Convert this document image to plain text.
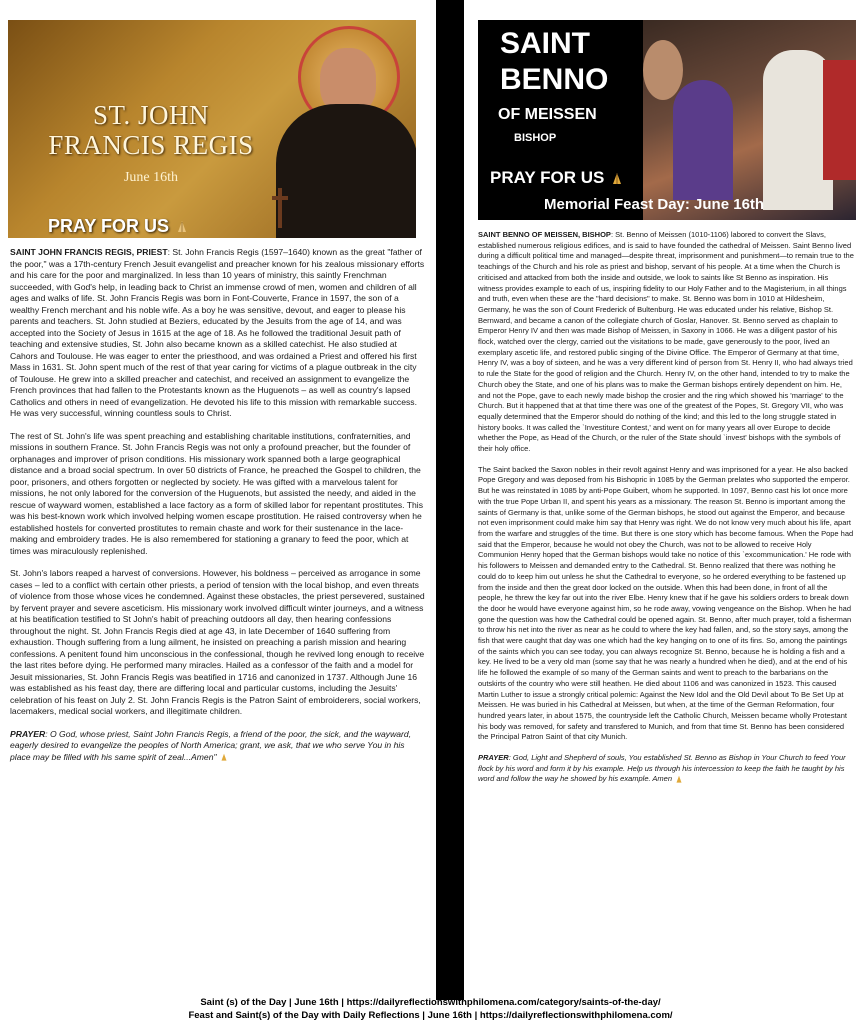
ST. JOHN
FRANCIS REGIS
June 16th
PRAY FOR US

SAINT JOHN FRANCIS REGIS, PRIEST: St. John Francis Regis (1597–1640) known as the great "father of the poor," was a 17th-century French Jesuit evangelist and preacher known for his zealous missionary efforts and his care for the poor and marginalized. In less than 10 years of ministry, this saintly Frenchman succeeded, with God's help, in leading back to Christ an immense crowd of men, women and children of all ages and walks of life. St. John Francis Regis was born in Font-Couverte, France in 1597, the son of a wealthy French merchant and his noble wife. As a boy he was sensitive, devout, and eager to please his parents and teachers. St. John studied at Beziers, educated by the Jesuits from the age of 14, and was accepted into the Society of Jesus in 1615 at the age of 18. As he followed the traditional Jesuit path of teaching and extensive studies, St. John also became known as a skilled catechist. He also studied at Cahors and Toulouse. He was eager to enter the priesthood, and was ordained a Priest and offered his first Mass in 1631. St. John spent much of the rest of that year caring for victims of a plague outbreak in the city of Toulouse. He grew into a skilled preacher and catechist, and received an assignment to evangelize the French provinces that had fallen to the Protestants known as the Huguenots – as well as country's lapsed Catholics and others in need of evangelization. He devoted his life to this mission with remarkable success. He was very successful, winning countless souls to Christ.

The rest of St. John's life was spent preaching and establishing charitable institutions, confraternities, and missions in southern France. St. John Francis Regis was not only a profound preacher, but the founder of orphanages and improver of prison conditions. His missionary work spanned both a large geographical distance and a broad social spectrum. In over 50 districts of France, he preached the Gospel to children, the poor, prisoners, and others forgotten or neglected by society. He was gifted with a marvelous talent for missions, he not only labored for the conversion of the Huguenots, but assisted the needy, and aided in the rescue of wayward women, established a lace factory as a form of skilled labor for repentant prostitutes. This was his best-known work which involved helping women escape prostitution. He raised controversy when he established hostels for converted prostitutes to remain chaste and work for their sustenance in the lace-making and embroidery trades. He is also remembered for stationing a granary to feed the poor, which at times was miraculously replenished.

St. John's labors reaped a harvest of conversions. However, his boldness – perceived as arrogance in some cases – led to a conflict with certain other priests, a period of tension with the local bishop, and even threats of violence from those whose vices he condemned. Against these obstacles, the priest persevered, sustained by fervent prayer and severe asceticism. His missionary work involved difficult winter journeys, and a witness at his beatification testified to St John's habit of preaching outdoors all day, then hearing confessions throughout the night. St. John Francis Regis died at age 43, in late December of 1640 suffering from exhaustion. Though suffering from a lung ailment, he insisted on preaching a parish mission and hearing confessions. A penitent found him unconscious in the confessional, though he revived long enough to receive the last rites before dying. He performed many miracles. Hailed as a confessor of the faith and a model for Jesuit missionaries, St. John Francis Regis was beatified in 1716 and canonized in 1737. Although June 16 was established as his feast day, there are differing local and particular customs, including the Jesuits' celebration of his feast on July 2. St. John Francis Regis is the Patron Saint of embroiderers, social workers, lacemakers, medical social workers, and illegitimate children.

PRAYER: O God, whose priest, Saint John Francis Regis, a friend of the poor, the sick, and the wayward, eagerly desired to evangelize the peoples of North America; grant, we ask, that we who serve You in his place may be filled with his same spirit of zeal...Amen"

SAINT
BENNO
OF MEISSEN
BISHOP
PRAY FOR US
Memorial Feast Day: June 16th

SAINT BENNO OF MEISSEN, BISHOP: St. Benno of Meissen (1010-1106) labored to convert the Slavs, established numerous religious edifices, and is said to have founded the cathedral of Meissen. Saint Benno lived during a difficult political time and managed—despite threat, imprisonment and punishment—to remain true to the teachings of the Church and his role as priest and bishop, servant of his people. At a time when the Church is criticised and attacked from both the inside and outside, we look to saints like St Benno as inspiration. His witness provides example to each of us, inspiring fidelity to our Holy Father and to the Magisterium, in all things and truth, even when these are the "hard decisions" to make. St. Benno was born in 1010 at Hildesheim, Germany, he was the son of Count Frederick of Bultenburg. He was educated under his relative, Bishop St. Bernward, and became a canon of the collegiate church of Goslar, Hanover. St. Benno served as chaplain to Emperor Henry IV and then was made Bishop of Meissen, in Saxony in 1066. He was a diligent pastor of his flock, watched over the clergy, carried out the visitations to be made, gave generously to the poor, lived an exemplary ascetic life, and restored public singing of the Divine Office. The Emperor of Germany at that time, Henry IV, was a boy of sixteen, and he was a very different kind of person from St. Henry II, who had always tried to rule the State for the good of religion and the Church. Henry IV, on the other hand, intended to try to make the Church obey the State, and one of his plans was to make the German bishops entirely dependent on him. He, and not the Pope, gave to each newly made bishop the crosier and the ring which showed his 'marriage' to the Church. But it happened that at that time there was one of the greatest of the Popes, St. Gregory VII, who was equally determined that the Emperor should do nothing of the kind; and this led to the long struggle stated in history books. It was called the `Investiture Contest,' and went on for many years all over Europe to decide whether the Pope, as Head of the Church, or the ruler of the State should `invest' bishops with the symbols of their holy office.

The Saint backed the Saxon nobles in their revolt against Henry and was imprisoned for a year. He also backed Pope Gregory and was deposed from his Bishopric in 1085 by the German prelates who supported the emperor. But he was reinstated in 1085 by anti-Pope Guibert, whom he supported. In 1097, Benno cast his lot once more with the true Pope Urban II, and spent his years as a missionary. The reason St. Benno is important among the saints of Germany is that, unlike some of the German bishops, he stood out against the Emperor, and because not even imprisonment could make him say that Henry was right. We do not know very much about his life, apart from the warfare and struggles of the time. But there is one story which has become famous. When the Pope had said that the Emperor, because he would not obey the Church, was not to be allowed to receive Holy Communion Henry hoped that the German bishops would take no notice of this `excommunication.' He rode with his followers to Meissen and demanded entry to the Cathedral. St. Benno realized that there was nothing he could do to keep him out unless he shut the Cathedral to everyone, so he ordered everything to be fastened up from the inside and then the great door locked on the outside. When this had been done, in front of all the people, he threw the key far out into the river Elbe. Henry knew that if he gave his soldiers orders to break down the door he would have everyone against him, so he rode away, vowing vengeance on the Bishop. When he had gone the question was how the Cathedral could be opened again. St. Benno, after much prayer, told a fisherman to throw his net into the river as near as he could to where the key had fallen, and, so the story says, among the fish that were caught that day was one which had the key hanging on to one of its fins. So, among the paintings of the saints which you can see today, you can always recognize St. Benno, because he is holding a fish and a key. He lived to be a very old man (some say that he was nearly a hundred when he died), and at the end of his life he followed the example of so many of the German saints and went to preach to the barbarians on the outskirts of the country who were still heathen. He died about 1106 and was canonized in 1523. This caused Martin Luther to issue a strongly critical polemic: Against the New Idol and the Old Devil about To Be Set Up at Meissen. He was buried in his Cathedral at Meissen, but when, at the time of the German Reformation, four hundred years later, in about 1575, the countryside left the Catholic Church, Meissen became wholly Protestant his body was removed, for safety and transfered to Munich, and from that time St. Benno has been considered the Principal Patron Saint of that city Munich.

PRAYER: God, Light and Shepherd of souls, You established St. Benno as Bishop in Your Church to feed Your flock by his word and form it by his example. Help us through his intercession to keep the faith he taught by his word and follow the way he showed by his example. Amen

Saint (s) of the Day | June 16th | https://dailyreflectionswithphilomena.com/category/saints-of-the-day/
Feast and Saint(s) of the Day with Daily Reflections | June 16th | https://dailyreflectionswithphilomena.com/
